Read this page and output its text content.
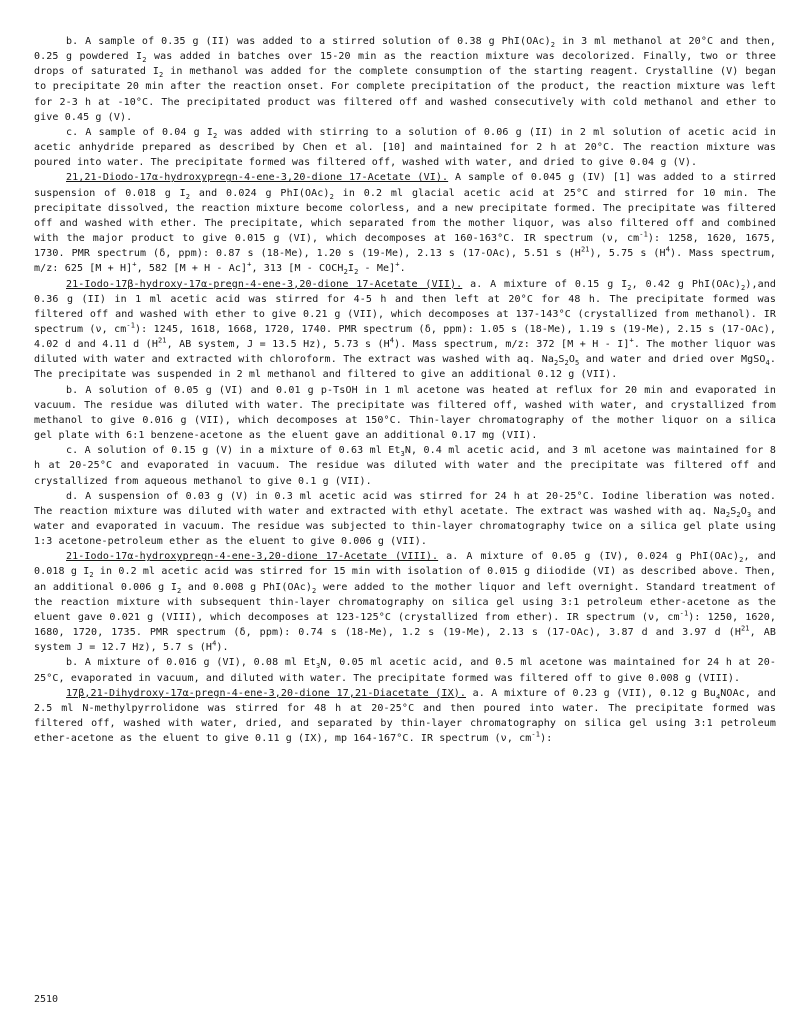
b. A sample of 0.35 g (II) was added to a stirred solution of 0.38 g $PhI(OAc)_2$ in 3 ml methanol at 20°C and then, 0.25 g powdered $I_2$ was added in batches over 15-20 min as the reaction mixture was decolorized. Finally, two or three drops of saturated $I_2$ in methanol was added for the complete consumption of the starting reagent. Crystalline (V) began to precipitate 20 min after the reaction onset. For complete precipitation of the product, the reaction mixture was left for 2-3 h at -10°C. The precipitated product was filtered off and washed consecutively with cold methanol and ether to give 0.45 g (V).

c. A sample of 0.04 g $I_2$ was added with stirring to a solution of 0.06 g (II) in 2 ml solution of acetic acid in acetic anhydride prepared as described by Chen et al. [10] and maintained for 2 h at 20°C. The reaction mixture was poured into water. The precipitate formed was filtered off, washed with water, and dried to give 0.04 g (V).

21,21-Diodo-17α-hydroxypregn-4-ene-3,20-dione 17-Acetate (VI). A sample of 0.045 g (IV) [1] was added to a stirred suspension of 0.018 g $I_2$ and 0.024 g $PhI(OAc)_2$ in 0.2 ml glacial acetic acid at 25°C and stirred for 10 min. The precipitate dissolved, the reaction mixture become colorless, and a new precipitate formed. The precipitate was filtered off and washed with ether. The precipitate, which separated from the mother liquor, was also filtered off and combined with the major product to give 0.015 g (VI), which decomposes at 160-163°C. IR spectrum (ν, $cm^{-1}$): 1258, 1620, 1675, 1730. PMR spectrum (δ, ppm): 0.87 s (18-Me), 1.20 s (19-Me), 2.13 s (17-OAc), 5.51 s $(H^{21})$, 5.75 s $(H^4)$. Mass spectrum, m/z: 625 [M + H]+, 582 [M + H - Ac]+, 313 $[M - COCH_2I_2 - Me]^+$.

21-Iodo-17β-hydroxy-17α-pregn-4-ene-3,20-dione 17-Acetate (VII). a. A mixture of 0.15 g $I_2$, 0.42 g $PhI(OAc)_2),and$ 0.36 g (II) in 1 ml acetic acid was stirred for 4-5 h and then left at 20°C for 48 h. The precipitate formed was filtered off and washed with ether to give 0.21 g (VII), which decomposes at 137-143°C (crystallized from methanol). IR spectrum (ν, $cm^{-1}$): 1245, 1618, 1668, 1720, 1740. PMR spectrum (δ, ppm): 1.05 s (18-Me), 1.19 s (19-Me), 2.15 s (17-OAc), 4.02 d and 4.11 d ($H^{21}$, AB system, J = 13.5 Hz), 5.73 s $(H^4)$. Mass spectrum, m/z: 372 [M + H - I]+. The mother liquor was diluted with water and extracted with chloroform. The extract was washed with aq. $Na_2S_2O_5$ and water and dried over MgSO$_4$. The precipitate was suspended in 2 ml methanol and filtered to give an additional 0.12 g (VII).

b. A solution of 0.05 g (VI) and 0.01 g p-TsOH in 1 ml acetone was heated at reflux for 20 min and evaporated in vacuum. The residue was diluted with water. The precipitate was filtered off, washed with water, and crystallized from methanol to give 0.016 g (VII), which decomposes at 150°C. Thin-layer chromatography of the mother liquor on a silica gel plate with 6:1 benzene-acetone as the eluent gave an additional 0.17 mg (VII).

c. A solution of 0.15 g (V) in a mixture of 0.63 ml $Et_3N$, 0.4 ml acetic acid, and 3 ml acetone was maintained for 8 h at 20-25°C and evaporated in vacuum. The residue was diluted with water and the precipitate was filtered off and crystallized from aqueous methanol to give 0.1 g (VII).

d. A suspension of 0.03 g (V) in 0.3 ml acetic acid was stirred for 24 h at 20-25°C. Iodine liberation was noted. The reaction mixture was diluted with water and extracted with ethyl acetate. The extract was washed with aq. $Na_2S_2O_3$ and water and evaporated in vacuum. The residue was subjected to thin-layer chromatography twice on a silica gel plate using 1:3 acetone-petroleum ether as the eluent to give 0.006 g (VII).

21-Iodo-17α-hydroxypregn-4-ene-3,20-dione 17-Acetate (VIII). a. A mixture of 0.05 g (IV), 0.024 g $PhI(OAc)_2$, and 0.018 g $I_2$ in 0.2 ml acetic acid was stirred for 15 min with isolation of 0.015 g diiodide (VI) as described above. Then, an additional 0.006 g $I_2$ and 0.008 g $PhI(OAc)_2$ were added to the mother liquor and left overnight. Standard treatment of the reaction mixture with subsequent thin-layer chromatography on silica gel using 3:1 petroleum ether-acetone as the eluent gave 0.021 g (VIII), which decomposes at 123-125°C (crystallized from ether). IR spectrum (ν, $cm^{-1}$): 1250, 1620, 1680, 1720, 1735. PMR spectrum (δ, ppm): 0.74 s (18-Me), 1.2 s (19-Me), 2.13 s (17-OAc), 3.87 d and 3.97 d ($H^{21}$, AB system J = 12.7 Hz), 5.7 s $(H^4)$.

b. A mixture of 0.016 g (VI), 0.08 ml $Et_3N$, 0.05 ml acetic acid, and 0.5 ml acetone was maintained for 24 h at 20-25°C, evaporated in vacuum, and diluted with water. The precipitate formed was filtered off to give 0.008 g (VIII).

17β,21-Dihydroxy-17α-pregn-4-ene-3,20-dione 17,21-Diacetate (IX). a. A mixture of 0.23 g (VII), 0.12 g $Bu_4NOAc$, and 2.5 ml N-methylpyrrolidone was stirred for 48 h at 20-25°C and then poured into water. The precipitate formed was filtered off, washed with water, dried, and separated by thin-layer chromatography on silica gel using 3:1 petroleum ether-acetone as the eluent to give 0.11 g (IX), mp 164-167°C. IR spectrum (ν, $cm^{-1}$):

2510
